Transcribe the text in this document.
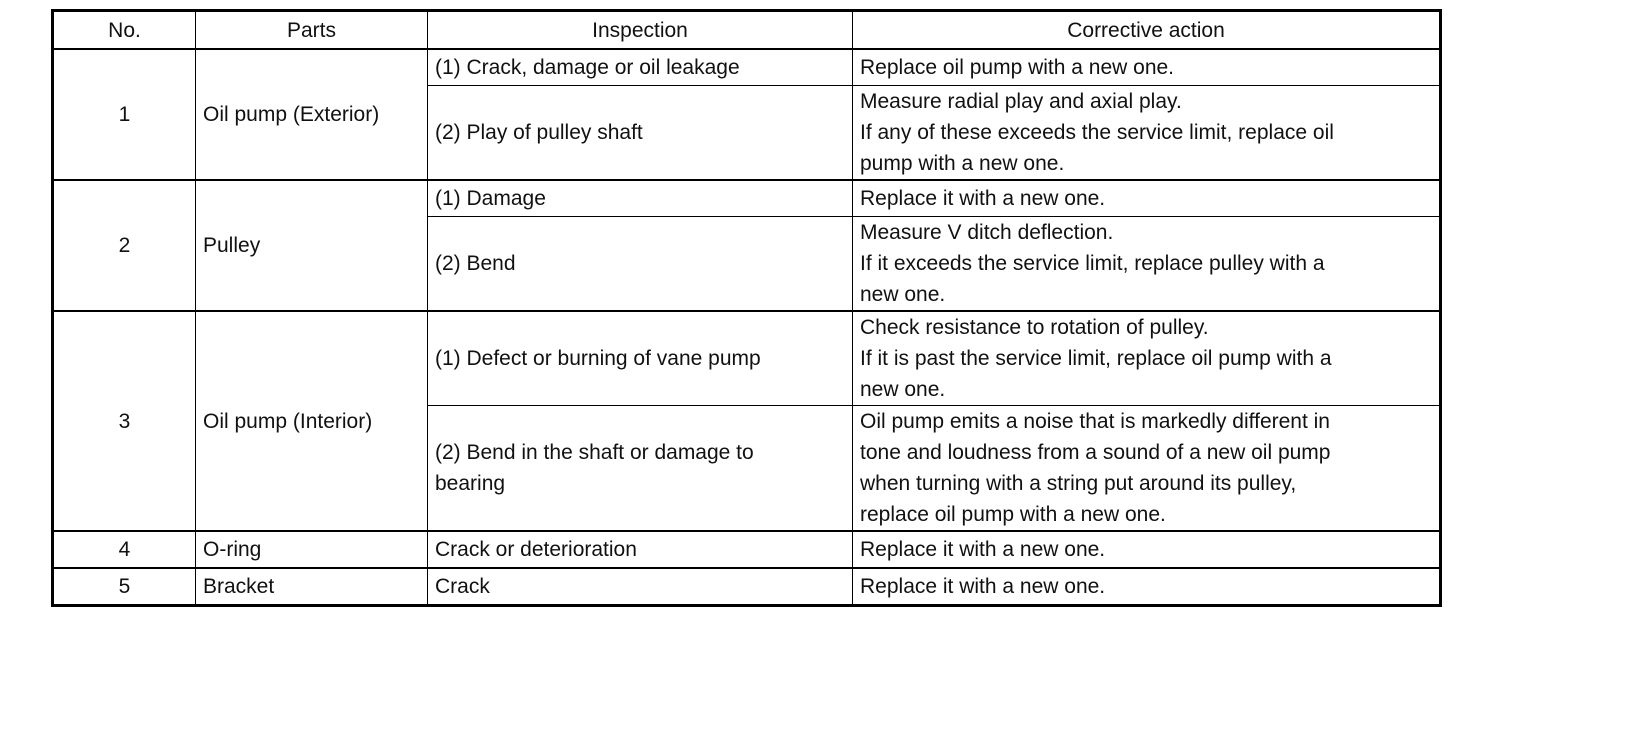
No.	Parts	Inspection	Corrective action
1	Oil pump (Exterior)	(1) Crack, damage or oil leakage	Replace oil pump with a new one.

		(2) Play of pulley shaft	Measure radial play and axial play.
If any of these exceeds the service limit, replace oil
pump with a new one.

2	Pulley	(1) Damage	Replace it with a new one.

		(2) Bend	Measure V ditch deflection.
If it exceeds the service limit, replace pulley with a
new one.

3	Oil pump (Interior)	(1) Defect or burning of vane pump	Check resistance to rotation of pulley.
If it is past the service limit, replace oil pump with a
new one.

		(2) Bend in the shaft or damage to
bearing	Oil pump emits a noise that is markedly different in
tone and loudness from a sound of a new oil pump
when turning with a string put around its pulley,
replace oil pump with a new one.

4	O-ring	Crack or deterioration	Replace it with a new one.

5	Bracket	Crack	Replace it with a new one.
